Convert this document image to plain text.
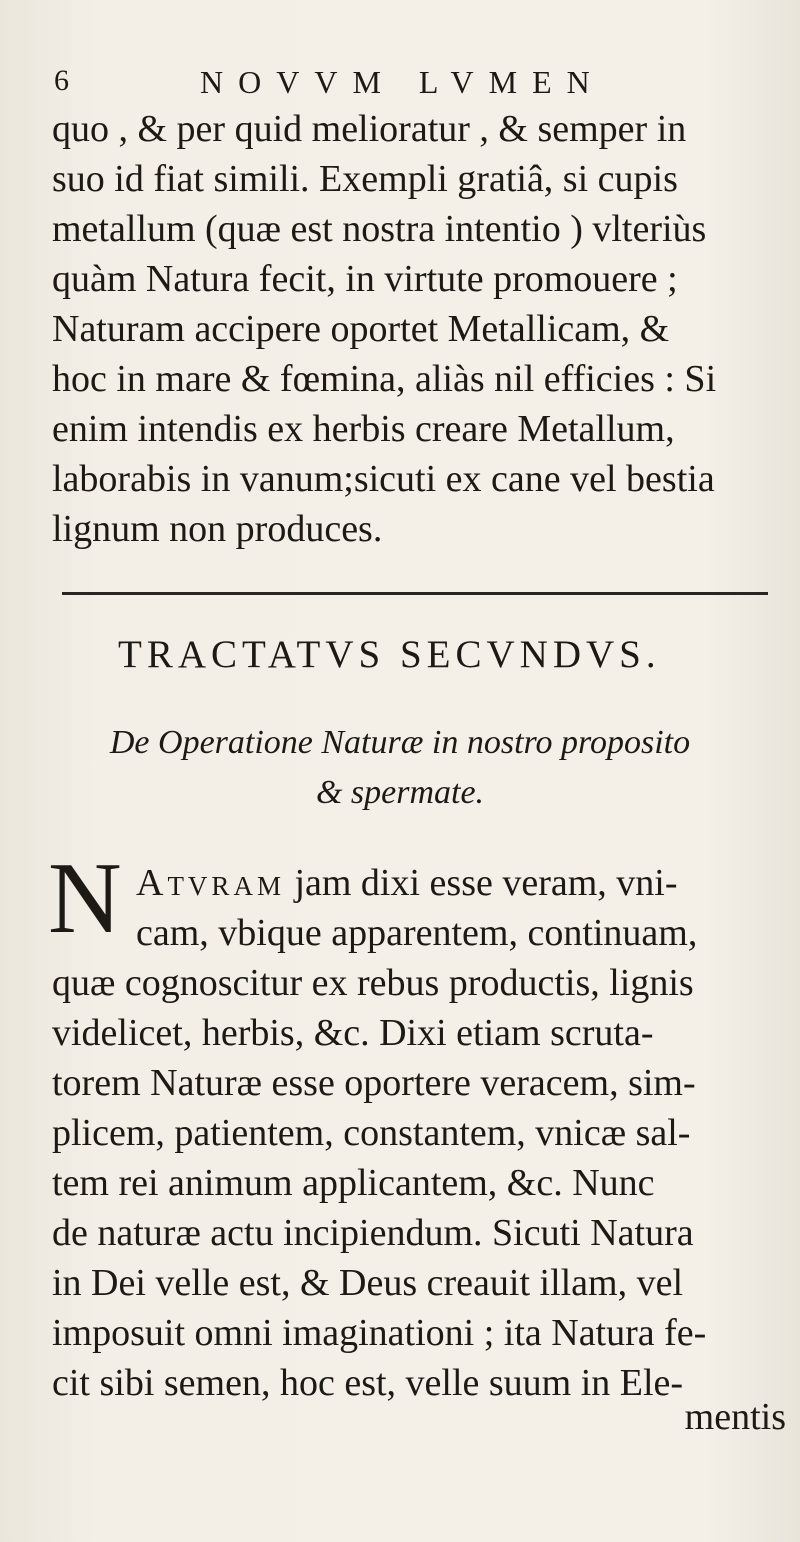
6	NOVVM LVMEN

quo , & per quid melioratur , & semper in
suo id fiat simili. Exempli gratiâ, si cupis
metallum (quæ est nostra intentio ) vlteriùs
quàm Natura fecit, in virtute promouere ;
Naturam accipere oportet Metallicam, &
hoc in mare & fœmina, aliàs nil efficies : Si
enim intendis ex herbis creare Metallum,
laborabis in vanum;sicuti ex cane vel bestia
lignum non produces.

TRACTATVS SECVNDVS.

De Operatione Naturæ in nostro proposito

& spermate.

N Atvram jam dixi esse veram, vni-
cam, vbique apparentem, continuam,
quæ cognoscitur ex rebus productis, lignis
videlicet, herbis, &c. Dixi etiam scruta-
torem Naturæ esse oportere veracem, sim-
plicem, patientem, constantem, vnicæ sal-
tem rei animum applicantem, &c. Nunc
de naturæ actu incipiendum. Sicuti Natura
in Dei velle est, & Deus creauit illam, vel
imposuit omni imaginationi ; ita Natura fe-
cit sibi semen, hoc est, velle suum in Ele-

mentis
